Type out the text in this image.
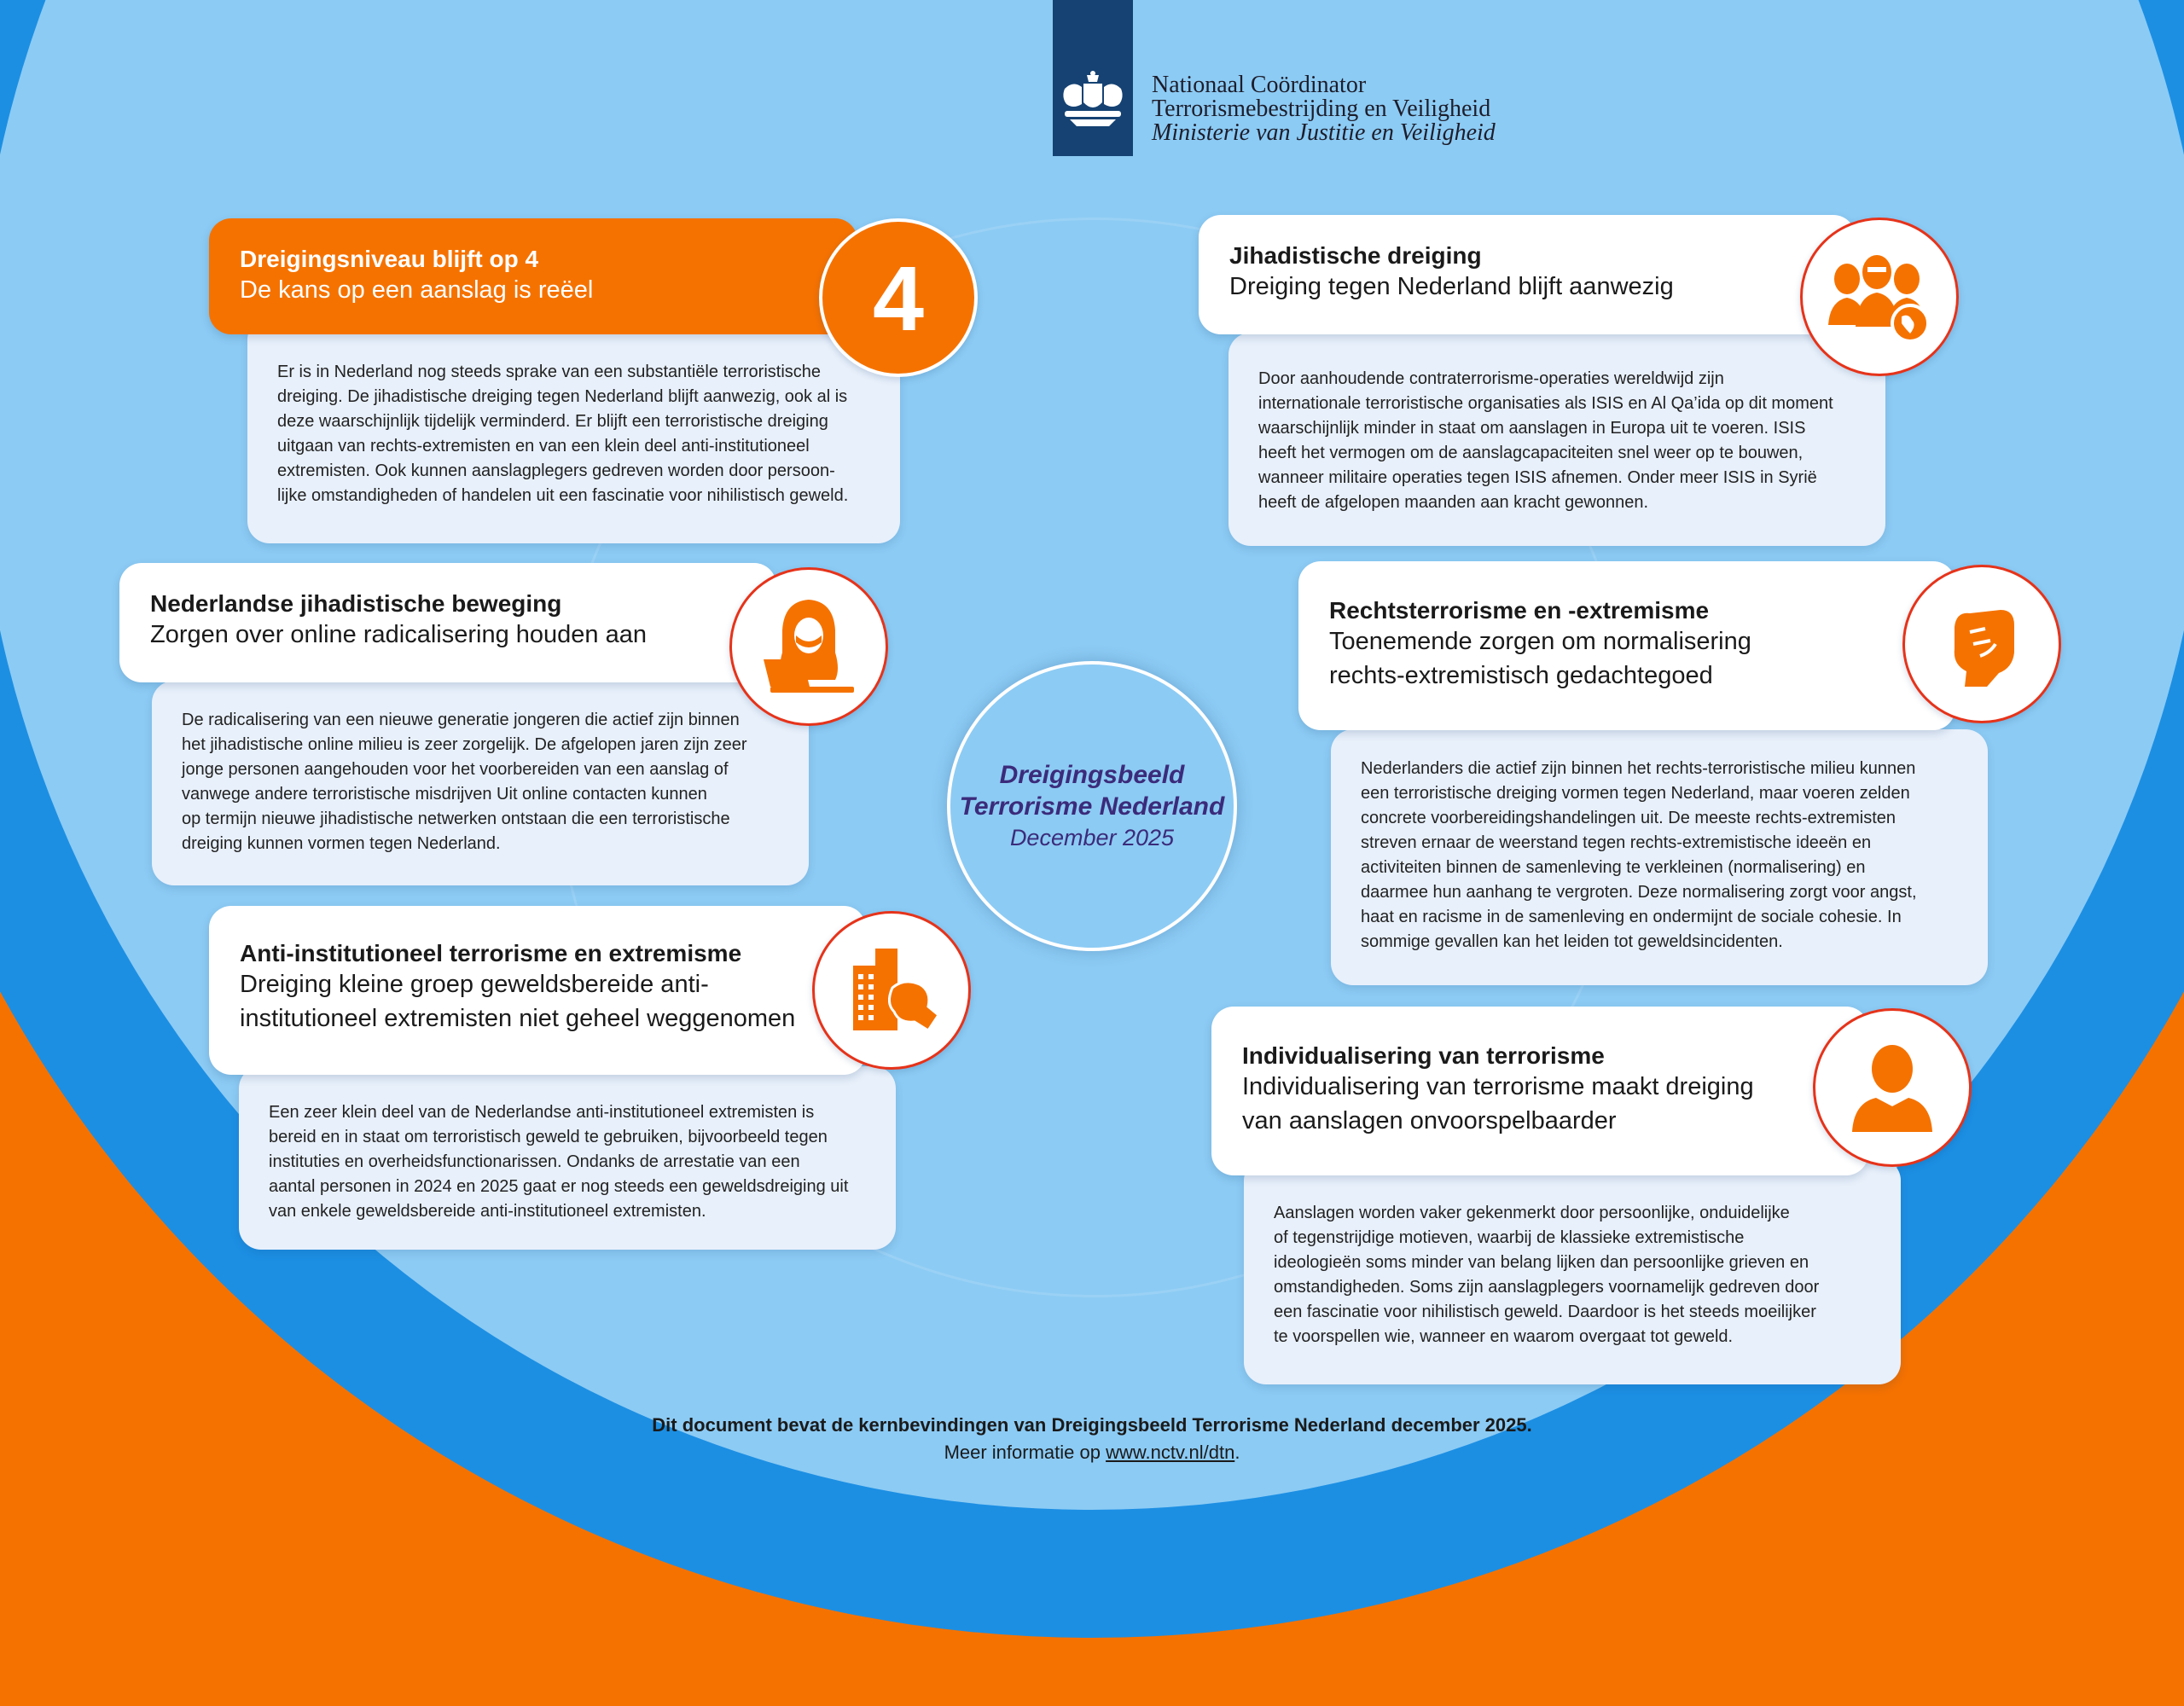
Nationaal Coördinator
Terrorismebestrijding en Veiligheid
Ministerie van Justitie en Veiligheid

Er is in Nederland nog steeds sprake van een substantiële terroristische
dreiging. De jihadistische dreiging tegen Nederland blijft aanwezig, ook al is
deze waarschijnlijk tijdelijk verminderd. Er blijft een terroristische dreiging
uitgaan van rechts-extremisten en van een klein deel anti-institutioneel
extremisten. Ook kunnen aanslagplegers gedreven worden door persoon-
lijke omstandigheden of handelen uit een fascinatie voor nihilistisch geweld.

Dreigingsniveau blijft op 4
De kans op een aanslag is reëel	4

De radicalisering van een nieuwe generatie jongeren die actief zijn binnen
het jihadistische online milieu is zeer zorgelijk. De afgelopen jaren zijn zeer
jonge personen aangehouden voor het voorbereiden van een aanslag of
vanwege andere terroristische misdrijven Uit online contacten kunnen
op termijn nieuwe jihadistische netwerken ontstaan die een terroristische
dreiging kunnen vormen tegen Nederland.

Nederlandse jihadistische beweging
Zorgen over online radicalisering houden aan

Een zeer klein deel van de Nederlandse anti-institutioneel extremisten is
bereid en in staat om terroristisch geweld te gebruiken, bijvoorbeeld tegen
instituties en overheidsfunctionarissen. Ondanks de arrestatie van een
aantal personen in 2024 en 2025 gaat er nog steeds een geweldsdreiging uit
van enkele geweldsbereide anti-institutioneel extremisten.

Anti-institutioneel terrorisme en extremisme
Dreiging kleine groep geweldsbereide anti-
institutioneel extremisten niet geheel weggenomen

Door aanhoudende contraterrorisme-operaties wereldwijd zijn
internationale terroristische organisaties als ISIS en Al Qa’ida op dit moment
waarschijnlijk minder in staat om aanslagen in Europa uit te voeren. ISIS
heeft het vermogen om de aanslagcapaciteiten snel weer op te bouwen,
wanneer militaire operaties tegen ISIS afnemen. Onder meer ISIS in Syrië
heeft de afgelopen maanden aan kracht gewonnen.

Jihadistische dreiging
Dreiging tegen Nederland blijft aanwezig

Nederlanders die actief zijn binnen het rechts-terroristische milieu kunnen
een terroristische dreiging vormen tegen Nederland, maar voeren zelden
concrete voorbereidingshandelingen uit. De meeste rechts-extremisten
streven ernaar de weerstand tegen rechts-extremistische ideeën en
activiteiten binnen de samenleving te verkleinen (normalisering) en
daarmee hun aanhang te vergroten. Deze normalisering zorgt voor angst,
haat en racisme in de samenleving en ondermijnt de sociale cohesie. In
sommige gevallen kan het leiden tot geweldsincidenten.

Rechtsterrorisme en -extremisme
Toenemende zorgen om normalisering
rechts-extremistisch gedachtegoed

Aanslagen worden vaker gekenmerkt door persoonlijke, onduidelijke
of tegenstrijdige motieven, waarbij de klassieke extremistische
ideologieën soms minder van belang lijken dan persoonlijke grieven en
omstandigheden. Soms zijn aanslagplegers voornamelijk gedreven door
een fascinatie voor nihilistisch geweld. Daardoor is het steeds moeilijker
te voorspellen wie, wanneer en waarom overgaat tot geweld.

Individualisering van terrorisme
Individualisering van terrorisme maakt dreiging
van aanslagen onvoorspelbaarder
Dreigingsbeeld
Terrorisme Nederland
December 2025
Dit document bevat de kernbevindingen van Dreigingsbeeld Terrorisme Nederland december 2025.
Meer informatie op www.nctv.nl/dtn.
